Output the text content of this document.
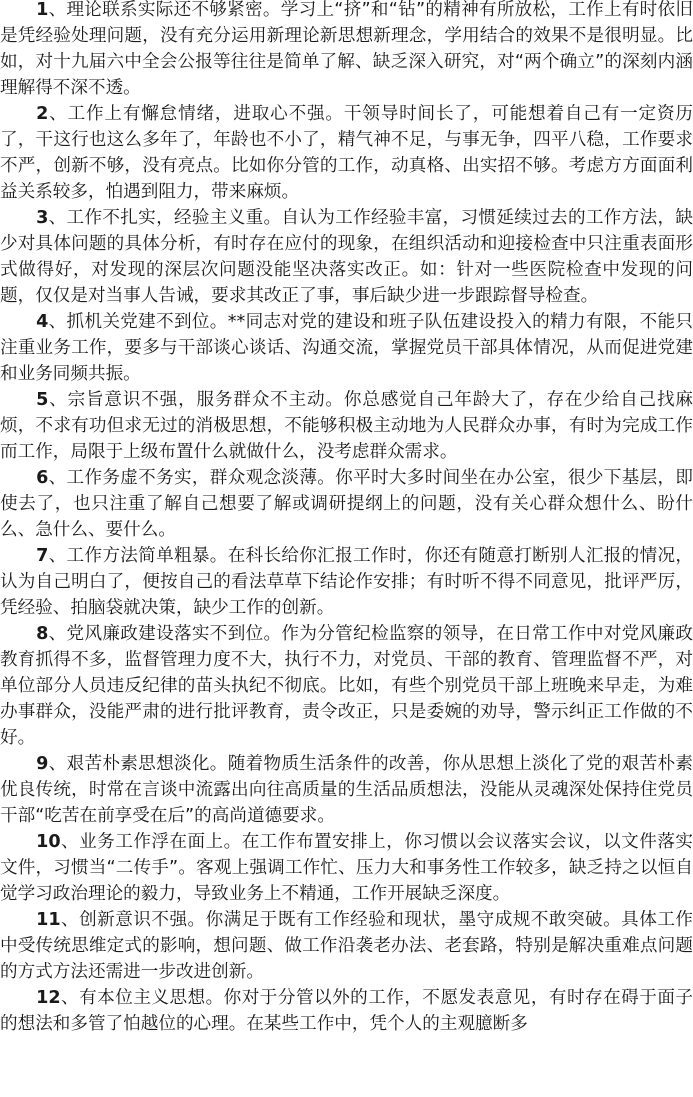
1、理论联系实际还不够紧密。学习上“挤”和“钻”的精神有所放松，工作上有时依旧是凭经验处理问题，没有充分运用新理论新思想新理念，学用结合的效果不是很明显。比如，对十九届六中全会公报等往往是简单了解、缺乏深入研究，对“两个确立”的深刻内涵理解得不深不透。

2、工作上有懈怠情绪，进取心不强。干领导时间长了，可能想着自己有一定资历了，干这行也这么多年了，年龄也不小了，精气神不足，与事无争，四平八稳，工作要求不严，创新不够，没有亮点。比如你分管的工作，动真格、出实招不够。考虑方方面面利益关系较多，怕遇到阻力，带来麻烦。

3、工作不扎实，经验主义重。自认为工作经验丰富，习惯延续过去的工作方法，缺少对具体问题的具体分析，有时存在应付的现象，在组织活动和迎接检查中只注重表面形式做得好，对发现的深层次问题没能坚决落实改正。如：针对一些医院检查中发现的问题，仅仅是对当事人告诫，要求其改正了事，事后缺少进一步跟踪督导检查。

4、抓机关党建不到位。**同志对党的建设和班子队伍建设投入的精力有限，不能只注重业务工作，要多与干部谈心谈话、沟通交流，掌握党员干部具体情况，从而促进党建和业务同频共振。

5、宗旨意识不强，服务群众不主动。你总感觉自己年龄大了，存在少给自己找麻烦，不求有功但求无过的消极思想，不能够积极主动地为人民群众办事，有时为完成工作而工作，局限于上级布置什么就做什么，没考虑群众需求。

6、工作务虚不务实，群众观念淡薄。你平时大多时间坐在办公室，很少下基层，即使去了，也只注重了解自己想要了解或调研提纲上的问题，没有关心群众想什么、盼什么、急什么、要什么。

7、工作方法简单粗暴。在科长给你汇报工作时，你还有随意打断别人汇报的情况，认为自己明白了，便按自己的看法草草下结论作安排；有时听不得不同意见，批评严厉，凭经验、拍脑袋就决策，缺少工作的创新。

8、党风廉政建设落实不到位。作为分管纪检监察的领导，在日常工作中对党风廉政教育抓得不多，监督管理力度不大，执行不力，对党员、干部的教育、管理监督不严，对单位部分人员违反纪律的苗头执纪不彻底。比如，有些个别党员干部上班晚来早走，为难办事群众，没能严肃的进行批评教育，责令改正，只是委婉的劝导，警示纠正工作做的不好。

9、艰苦朴素思想淡化。随着物质生活条件的改善，你从思想上淡化了党的艰苦朴素优良传统，时常在言谈中流露出向往高质量的生活品质想法，没能从灵魂深处保持住党员干部“吃苦在前享受在后”的高尚道德要求。

10、业务工作浮在面上。在工作布置安排上，你习惯以会议落实会议，以文件落实文件，习惯当“二传手”。客观上强调工作忙、压力大和事务性工作较多，缺乏持之以恒自觉学习政治理论的毅力，导致业务上不精通，工作开展缺乏深度。

11、创新意识不强。你满足于既有工作经验和现状，墨守成规不敢突破。具体工作中受传统思维定式的影响，想问题、做工作沿袭老办法、老套路，特别是解决重难点问题的方式方法还需进一步改进创新。

12、有本位主义思想。你对于分管以外的工作，不愿发表意见，有时存在碍于面子的想法和多管了怕越位的心理。在某些工作中，凭个人的主观臆断多
